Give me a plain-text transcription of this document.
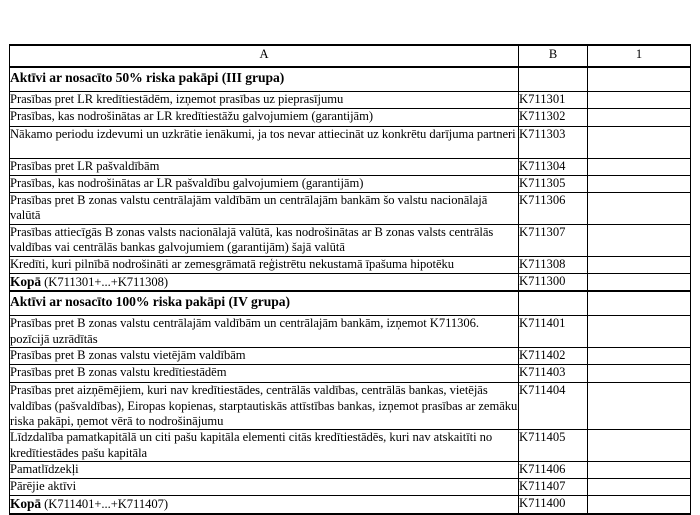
A	B	1
Aktīvi ar nosacīto 50% riska pakāpi (III grupa)		
Prasības pret LR kredītiestādēm, izņemot prasības uz pieprasījumu	K711301	
Prasības, kas nodrošinātas ar LR kredītiestāžu galvojumiem (garantijām)	K711302	
Nākamo periodu izdevumi un uzkrātie ienākumi, ja tos nevar attiecināt uz konkrētu darījuma partneri	K711303	
Prasības pret LR pašvaldībām	K711304	
Prasības, kas nodrošinātas ar LR pašvaldību galvojumiem (garantijām)	K711305	
Prasības pret B zonas valstu centrālajām valdībām un centrālajām bankām šo valstu nacionālajā valūtā	K711306	
Prasības attiecīgās B zonas valsts nacionālajā valūtā, kas nodrošinātas ar B zonas valsts centrālās valdības vai centrālās bankas galvojumiem (garantijām) šajā valūtā	K711307	
Kredīti, kuri pilnībā nodrošināti ar zemesgrāmatā reģistrētu nekustamā īpašuma hipotēku	K711308	
Kopā (K711301+...+K711308)	K711300	
Aktīvi ar nosacīto 100% riska pakāpi (IV grupa)		
Prasības pret B zonas valstu centrālajām valdībām un centrālajām bankām, izņemot K711306. pozīcijā uzrādītās	K711401	
Prasības pret B zonas valstu vietējām valdībām	K711402	
Prasības pret B zonas valstu kredītiestādēm	K711403	
Prasības pret aizņēmējiem, kuri nav kredītiestādes, centrālās valdības, centrālās bankas, vietējās valdības (pašvaldības), Eiropas kopienas, starptautiskās attīstības bankas, izņemot prasības ar zemāku riska pakāpi, ņemot vērā to nodrošinājumu	K711404	
Līdzdalība pamatkapitālā un citi pašu kapitāla elementi citās kredītiestādēs, kuri nav atskaitīti no kredītiestādes pašu kapitāla	K711405	
Pamatlīdzekļi	K711406	
Pārējie aktīvi	K711407	
Kopā (K711401+...+K711407)	K711400	
